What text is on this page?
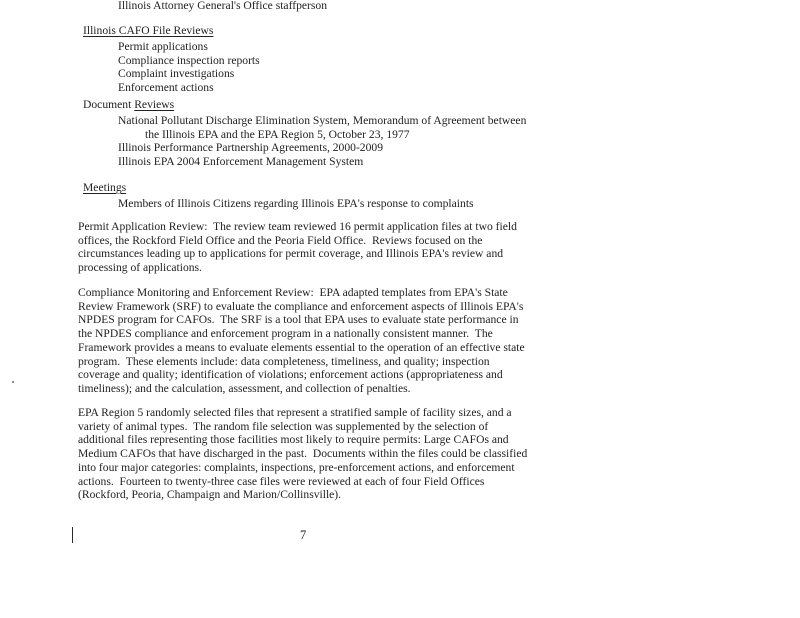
Illinois Attorney General's Office staffperson
Illinois CAFO File Reviews
Permit applications
Compliance inspection reports
Complaint investigations
Enforcement actions
Document Reviews
National Pollutant Discharge Elimination System, Memorandum of Agreement between
the Illinois EPA and the EPA Region 5, October 23, 1977
Illinois Performance Partnership Agreements, 2000-2009
Illinois EPA 2004 Enforcement Management System
Meetings
Members of Illinois Citizens regarding Illinois EPA's response to complaints
Permit Application Review:  The review team reviewed 16 permit application files at two field
offices, the Rockford Field Office and the Peoria Field Office.  Reviews focused on the
circumstances leading up to applications for permit coverage, and Illinois EPA's review and
processing of applications.
Compliance Monitoring and Enforcement Review:  EPA adapted templates from EPA's State
Review Framework (SRF) to evaluate the compliance and enforcement aspects of Illinois EPA's
NPDES program for CAFOs.  The SRF is a tool that EPA uses to evaluate state performance in
the NPDES compliance and enforcement program in a nationally consistent manner.  The
Framework provides a means to evaluate elements essential to the operation of an effective state
program.  These elements include: data completeness, timeliness, and quality; inspection
coverage and quality; identification of violations; enforcement actions (appropriateness and
timeliness); and the calculation, assessment, and collection of penalties.
EPA Region 5 randomly selected files that represent a stratified sample of facility sizes, and a
variety of animal types.  The random file selection was supplemented by the selection of
additional files representing those facilities most likely to require permits: Large CAFOs and
Medium CAFOs that have discharged in the past.  Documents within the files could be classified
into four major categories: complaints, inspections, pre-enforcement actions, and enforcement
actions.  Fourteen to twenty-three case files were reviewed at each of four Field Offices
(Rockford, Peoria, Champaign and Marion/Collinsville).
7
